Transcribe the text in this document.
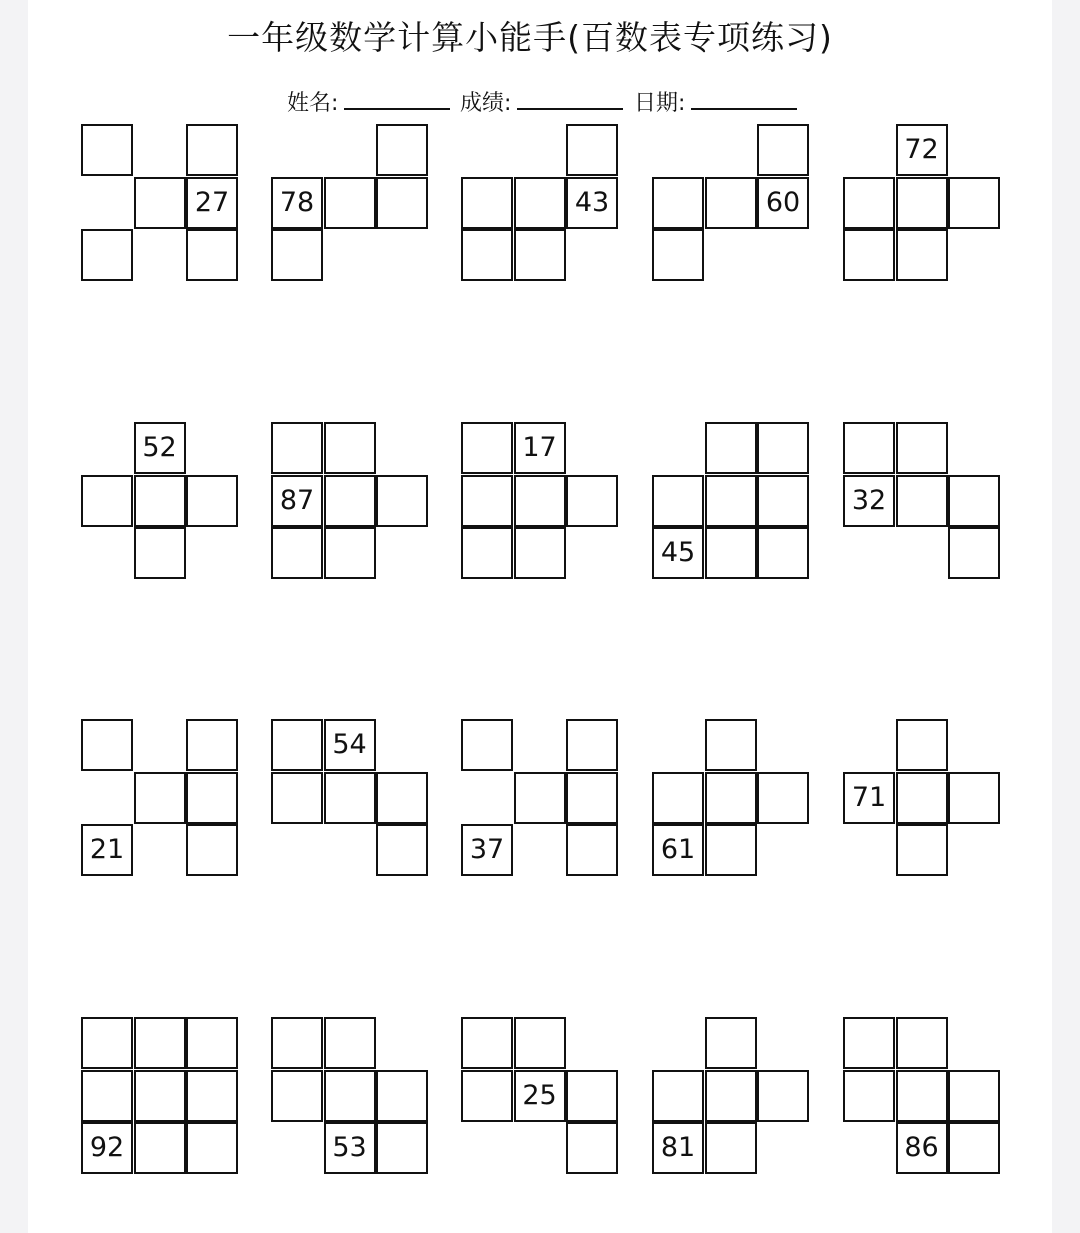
一年级数学计算小能手(百数表专项练习)
姓名:	成绩:	日期:
27	78	43	60
72
52
87
17
45
32
21
54
37	61
71
92	53
25
81	86
